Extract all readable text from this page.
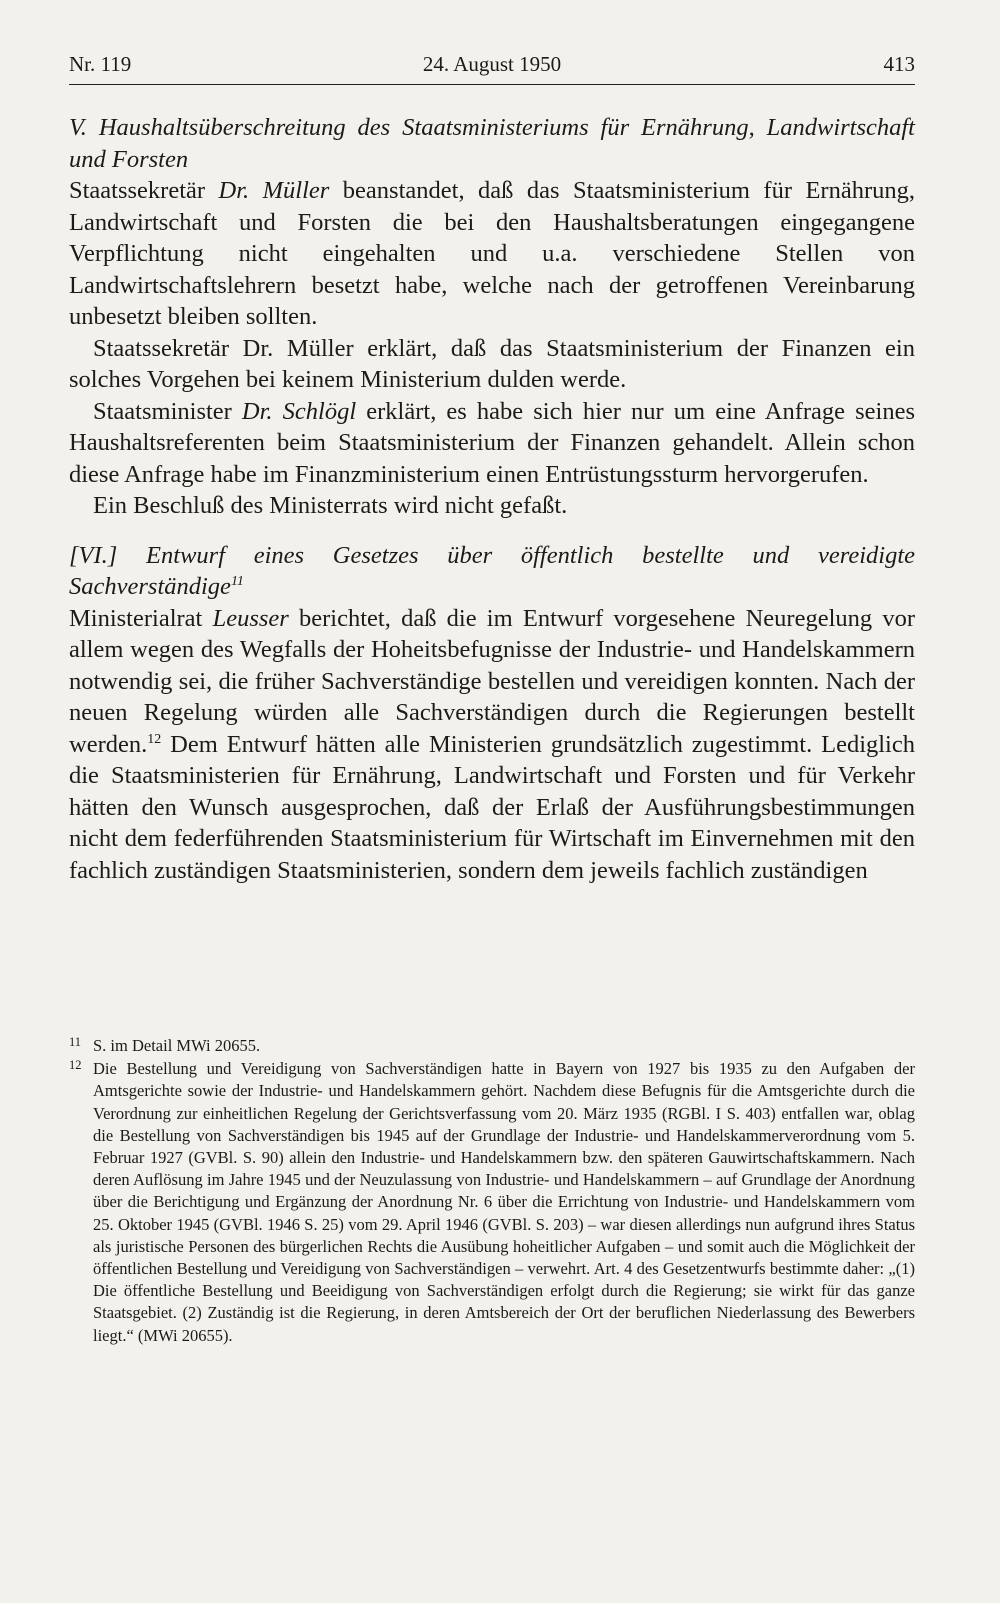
Nr. 119	24. August 1950	413

V. Haushaltsüberschreitung des Staatsministeriums für Ernährung, Landwirtschaft und Forsten

Staatssekretär Dr. Müller beanstandet, daß das Staatsministerium für Ernährung, Landwirtschaft und Forsten die bei den Haushaltsberatungen eingegangene Verpflichtung nicht eingehalten und u.a. verschiedene Stellen von Landwirtschaftslehrern besetzt habe, welche nach der getroffenen Vereinbarung unbesetzt bleiben sollten.

Staatssekretär Dr. Müller erklärt, daß das Staatsministerium der Finanzen ein solches Vorgehen bei keinem Ministerium dulden werde.

Staatsminister Dr. Schlögl erklärt, es habe sich hier nur um eine Anfrage seines Haushaltsreferenten beim Staatsministerium der Finanzen gehandelt. Allein schon diese Anfrage habe im Finanzministerium einen Entrüstungssturm hervorgerufen.

Ein Beschluß des Ministerrats wird nicht gefaßt.

[VI.] Entwurf eines Gesetzes über öffentlich bestellte und vereidigte Sachverständige$^{11}$

Ministerialrat Leusser berichtet, daß die im Entwurf vorgesehene Neuregelung vor allem wegen des Wegfalls der Hoheitsbefugnisse der Industrie- und Handelskammern notwendig sei, die früher Sachverständige bestellen und vereidigen konnten. Nach der neuen Regelung würden alle Sachverständigen durch die Regierungen bestellt werden.$^{12}$ Dem Entwurf hätten alle Ministerien grundsätzlich zugestimmt. Lediglich die Staatsministerien für Ernährung, Landwirtschaft und Forsten und für Verkehr hätten den Wunsch ausgesprochen, daß der Erlaß der Ausführungsbestimmungen nicht dem federführenden Staatsministerium für Wirtschaft im Einvernehmen mit den fachlich zuständigen Staatsministerien, sondern dem jeweils fachlich zuständigen

11 S. im Detail MWi 20655.

12 Die Bestellung und Vereidigung von Sachverständigen hatte in Bayern von 1927 bis 1935 zu den Aufgaben der Amtsgerichte sowie der Industrie- und Handelskammern gehört. Nachdem diese Befugnis für die Amtsgerichte durch die Verordnung zur einheitlichen Regelung der Gerichtsverfassung vom 20. März 1935 (RGBl. I S. 403) entfallen war, oblag die Bestellung von Sachverständigen bis 1945 auf der Grundlage der Industrie- und Handelskammerverordnung vom 5. Februar 1927 (GVBl. S. 90) allein den Industrie- und Handelskammern bzw. den späteren Gauwirtschaftskammern. Nach deren Auflösung im Jahre 1945 und der Neuzulassung von Industrie- und Handelskammern – auf Grundlage der Anordnung über die Berichtigung und Ergänzung der Anordnung Nr. 6 über die Errichtung von Industrie- und Handelskammern vom 25. Oktober 1945 (GVBl. 1946 S. 25) vom 29. April 1946 (GVBl. S. 203) – war diesen allerdings nun aufgrund ihres Status als juristische Personen des bürgerlichen Rechts die Ausübung hoheitlicher Aufgaben – und somit auch die Möglichkeit der öffentlichen Bestellung und Vereidigung von Sachverständigen – verwehrt. Art. 4 des Gesetzentwurfs bestimmte daher: „(1) Die öffentliche Bestellung und Beeidigung von Sachverständigen erfolgt durch die Regierung; sie wirkt für das ganze Staatsgebiet. (2) Zuständig ist die Regierung, in deren Amtsbereich der Ort der beruflichen Niederlassung des Bewerbers liegt.“ (MWi 20655).
